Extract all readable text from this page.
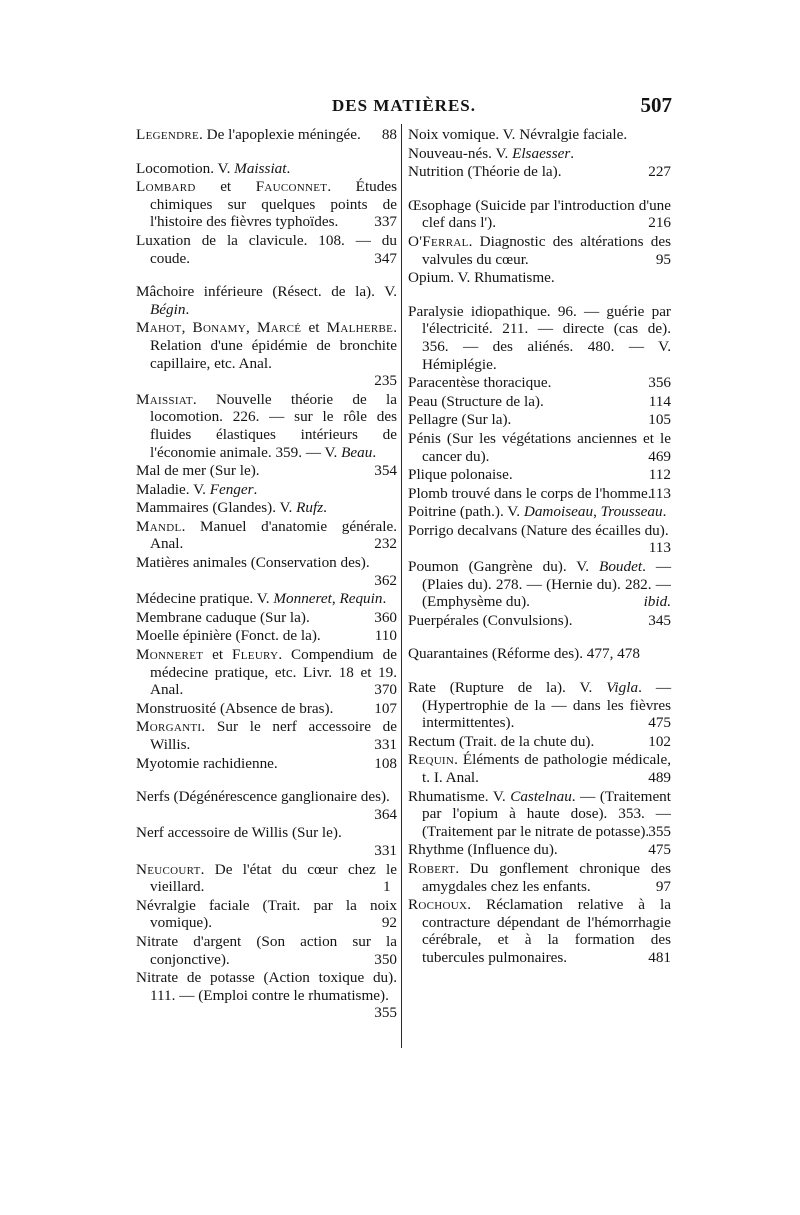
DES MATIÈRES.	507
Legendre. De l'apoplexie méningée. 88
Locomotion. V. Maissiat.
Lombard et Fauconnet. Études chimiques sur quelques points de l'histoire des fièvres typhoïdes. 337
Luxation de la clavicule. 108. — du coude.	347
Mâchoire inférieure (Résect. de la). V. Bégin.
Mahot, Bonamy, Marcé et Malherbe. Relation d'une épidémie de bronchite capillaire, etc. Anal.

235
Maissiat. Nouvelle théorie de la locomotion. 226. — sur le rôle des fluides élastiques intérieurs de l'économie animale. 359. — V. Beau.
Mal de mer (Sur le).	354
Maladie. V. Fenger.
Mammaires (Glandes). V. Rufz.
Mandl. Manuel d'anatomie générale. Anal.	232
Matières animales (Conservation des).

362
Médecine pratique. V. Monneret, Requin.
Membrane caduque (Sur la).	360
Moelle épinière (Fonct. de la).	110
Monneret et Fleury. Compendium de médecine pratique, etc. Livr. 18 et 19. Anal.	370
Monstruosité (Absence de bras).	107
Morganti. Sur le nerf accessoire de Willis.	331
Myotomie rachidienne.	108
Nerfs (Dégénérescence ganglionaire des).
364
Nerf accessoire de Willis (Sur le).

331
Neucourt. De l'état du cœur chez le vieillard.	1
Névralgie faciale (Trait. par la noix vomique).	92
Nitrate d'argent (Son action sur la conjonctive).	350
Nitrate de potasse (Action toxique du). 111. — (Emploi contre le rhumatisme).
355
Noix vomique. V. Névralgie faciale.
Nouveau-nés. V. Elsaesser.
Nutrition (Théorie de la).	227
Œsophage (Suicide par l'introduction d'une clef dans l').	216
O'Ferral. Diagnostic des altérations des valvules du cœur.	95
Opium. V. Rhumatisme.
Paralysie idiopathique. 96. — guérie par l'électricité. 211. — directe (cas de). 356. — des aliénés. 480. — V. Hémiplégie.
Paracentèse thoracique.	356
Peau (Structure de la).	114
Pellagre (Sur la).	105
Pénis (Sur les végétations anciennes et le cancer du).	469
Plique polonaise.	112
Plomb trouvé dans le corps de l'homme.
113
Poitrine (path.). V. Damoiseau, Trousseau.
Porrigo decalvans (Nature des écailles du).
113
Poumon (Gangrène du). V. Boudet. — (Plaies du). 278. — (Hernie du). 282. — (Emphysème du).	ibid.
Puerpérales (Convulsions).	345
Quarantaines (Réforme des). 477, 478
Rate (Rupture de la). V. Vigla. — (Hypertrophie de la — dans les fièvres intermittentes).	475
Rectum (Trait. de la chute du).	102
Requin. Éléments de pathologie médicale, t. I. Anal.	489
Rhumatisme. V. Castelnau. — (Traitement par l'opium à haute dose). 353. — (Traitement par le nitrate de potasse). 355
Rhythme (Influence du).	475
Robert. Du gonflement chronique des amygdales chez les enfants.	97
Rochoux. Réclamation relative à la contracture dépendant de l'hémorrhagie cérébrale, et à la formation des tubercules pulmonaires.	481
